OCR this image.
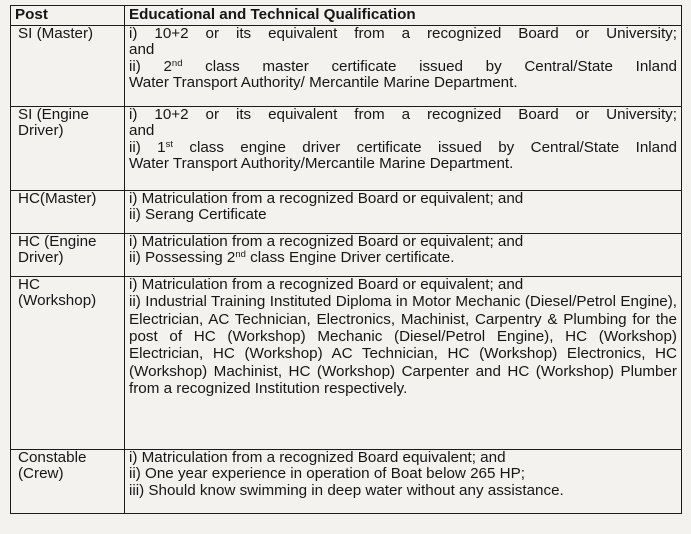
Post	Educational and Technical Qualification
SI (Master)	i) 10+2 or its equivalent from a recognized Board or University;
and
ii) 2nd class master certificate issued by Central/State Inland
Water Transport Authority/ Mercantile Marine Department.

SI (Engine Driver)	i) 10+2 or its equivalent from a recognized Board or University;
and
ii) 1st class engine driver certificate issued by Central/State Inland
Water Transport Authority/Mercantile Marine Department.

HC(Master)	i) Matriculation from a recognized Board or equivalent; and
ii) Serang Certificate

HC (Engine Driver)	i) Matriculation from a recognized Board or equivalent; and
ii) Possessing 2nd class Engine Driver certificate.

HC (Workshop)	i) Matriculation from a recognized Board or equivalent; and
ii) Industrial Training Instituted Diploma in Motor Mechanic (Diesel/Petrol Engine), Electrician, AC Technician, Electronics, Machinist, Carpentry & Plumbing for the post of HC (Workshop) Mechanic (Diesel/Petrol Engine), HC (Workshop) Electrician, HC (Workshop) AC Technician, HC (Workshop) Electronics, HC (Workshop) Machinist, HC (Workshop) Carpenter and HC (Workshop) Plumber from a recognized Institution respectively.

Constable (Crew)	i) Matriculation from a recognized Board equivalent; and
ii) One year experience in operation of Boat below 265 HP;
iii) Should know swimming in deep water without any assistance.
